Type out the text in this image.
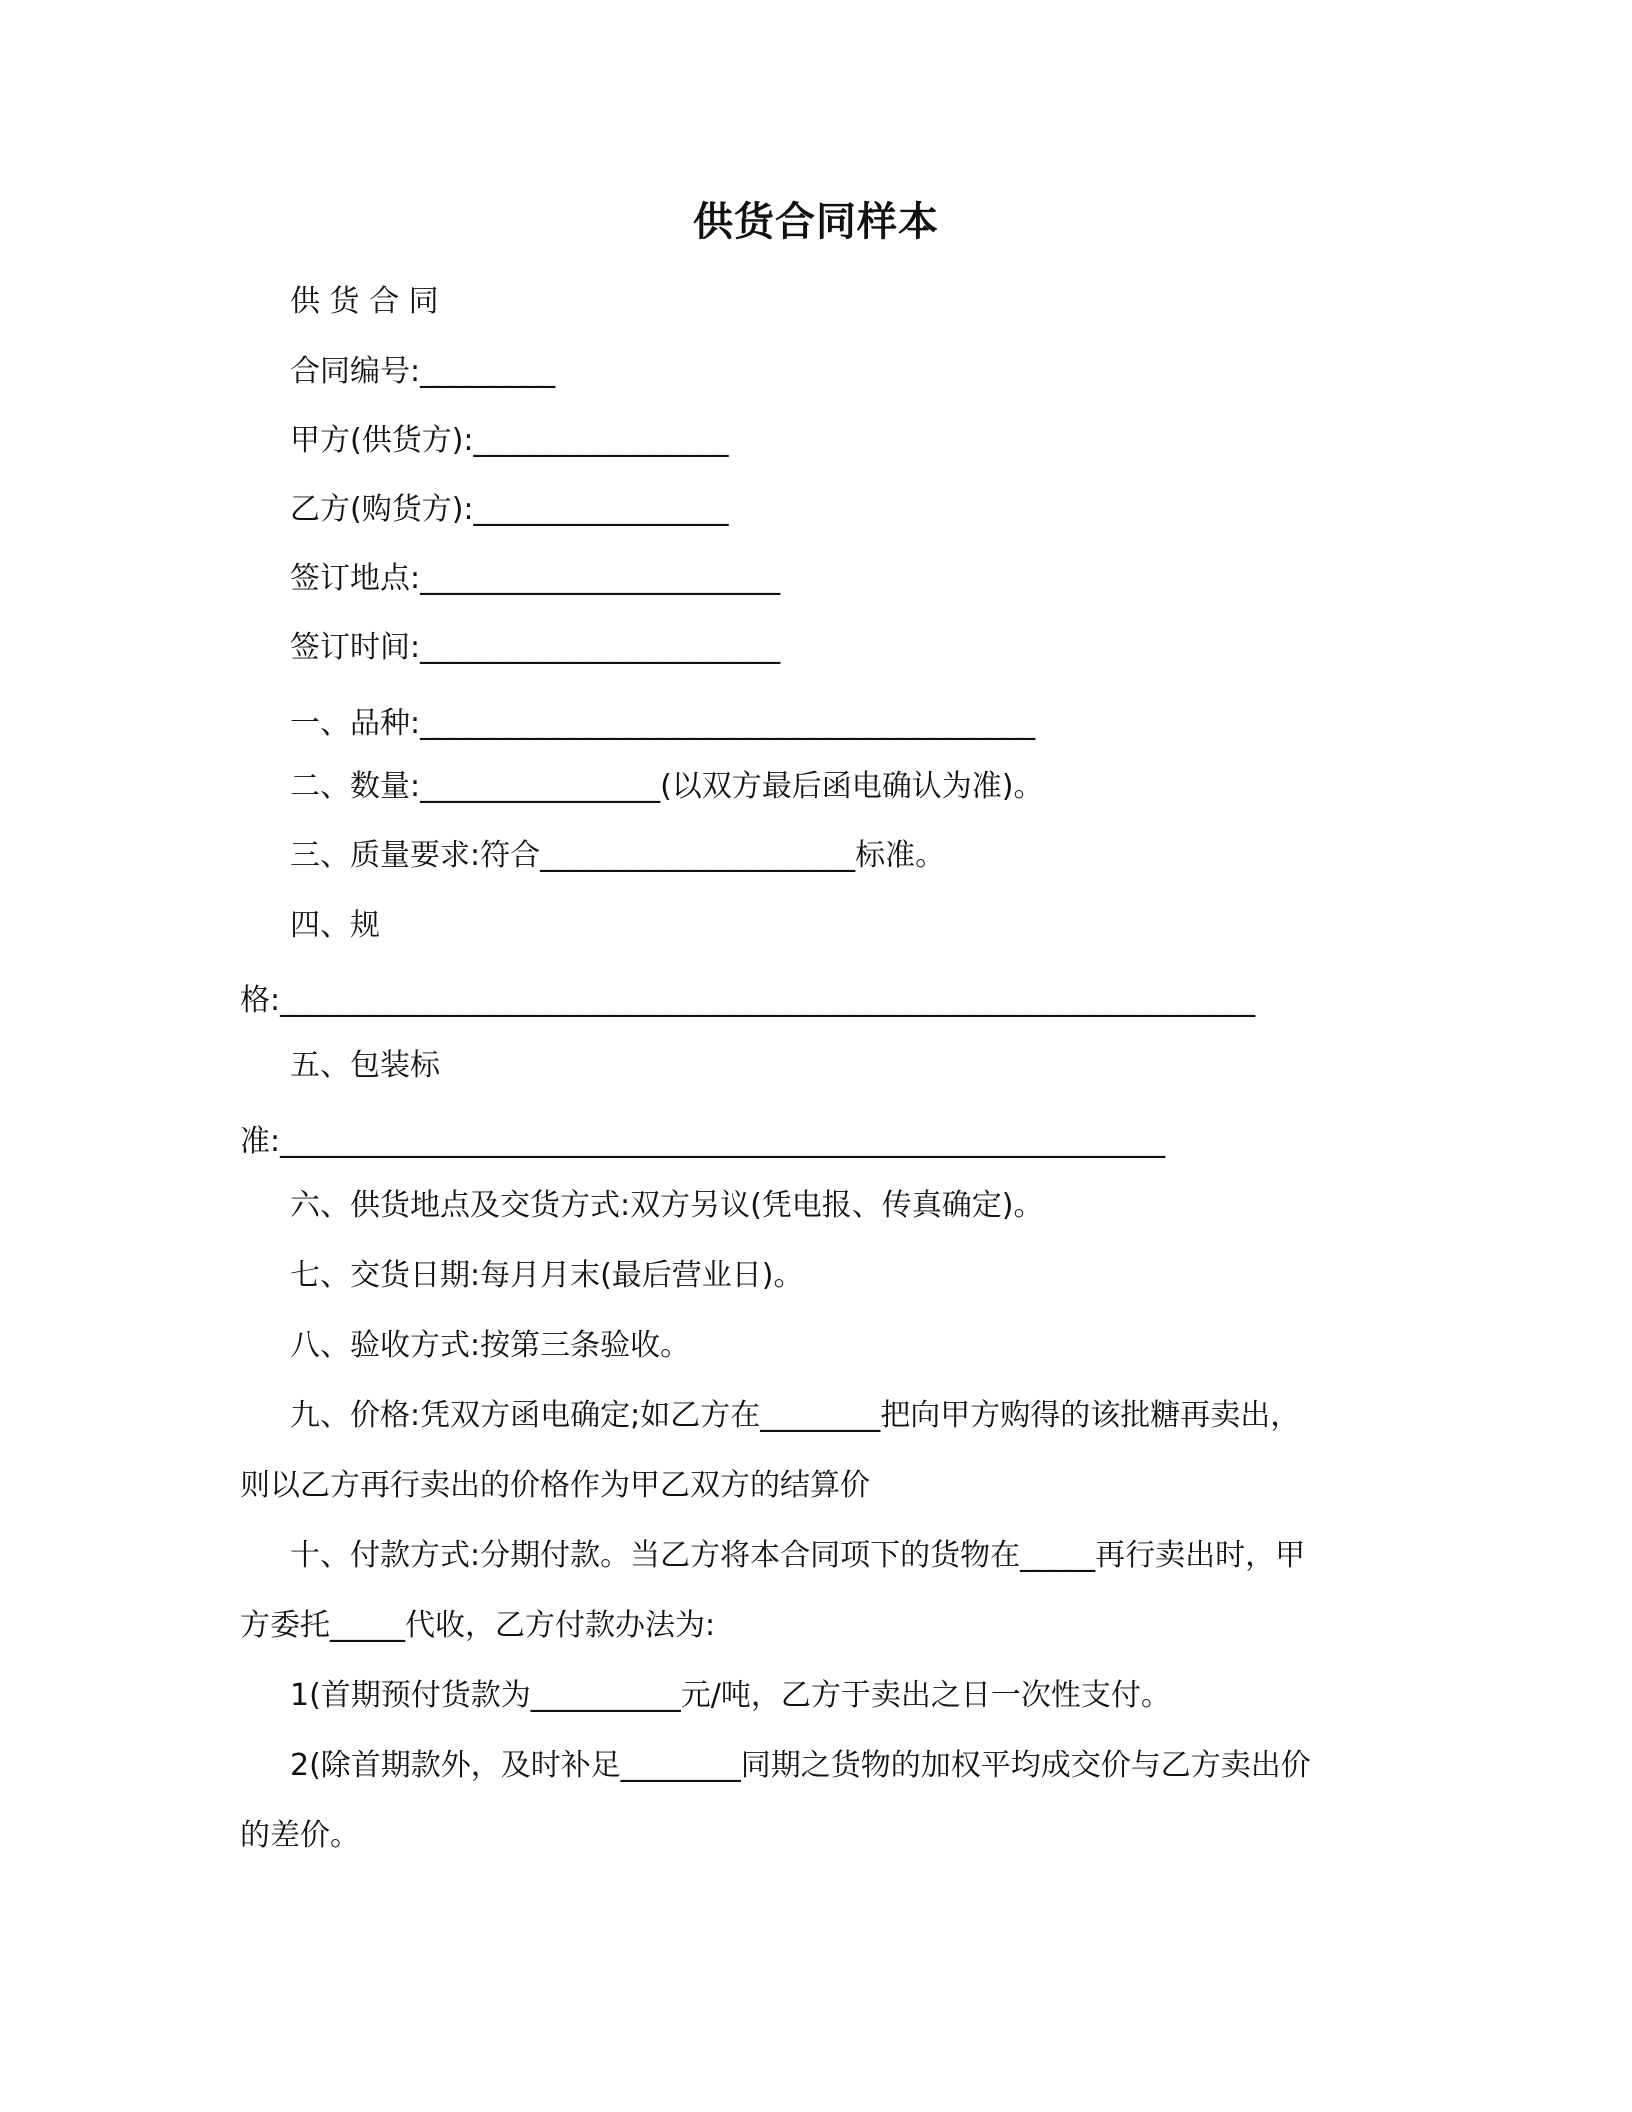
供货合同样本
供 货 合 同
合同编号:_________
甲方(供货方):_________________
乙方(购货方):_________________
签订地点:________________________
签订时间:________________________
一、品种:_________________________________________
二、数量:________________(以双方最后函电确认为准)。
三、质量要求:符合_____________________标准。
四、规
格:_________________________________________________________________
五、包装标
准:___________________________________________________________
六、供货地点及交货方式:双方另议(凭电报、传真确定)。
七、交货日期:每月月末(最后营业日)。
八、验收方式:按第三条验收。
九、价格:凭双方函电确定;如乙方在________把向甲方购得的该批糖再卖出，
则以乙方再行卖出的价格作为甲乙双方的结算价
十、付款方式:分期付款。当乙方将本合同项下的货物在_____再行卖出时，甲
方委托_____代收，乙方付款办法为:
1(首期预付货款为__________元/吨，乙方于卖出之日一次性支付。
2(除首期款外，及时补足________同期之货物的加权平均成交价与乙方卖出价
的差价。
